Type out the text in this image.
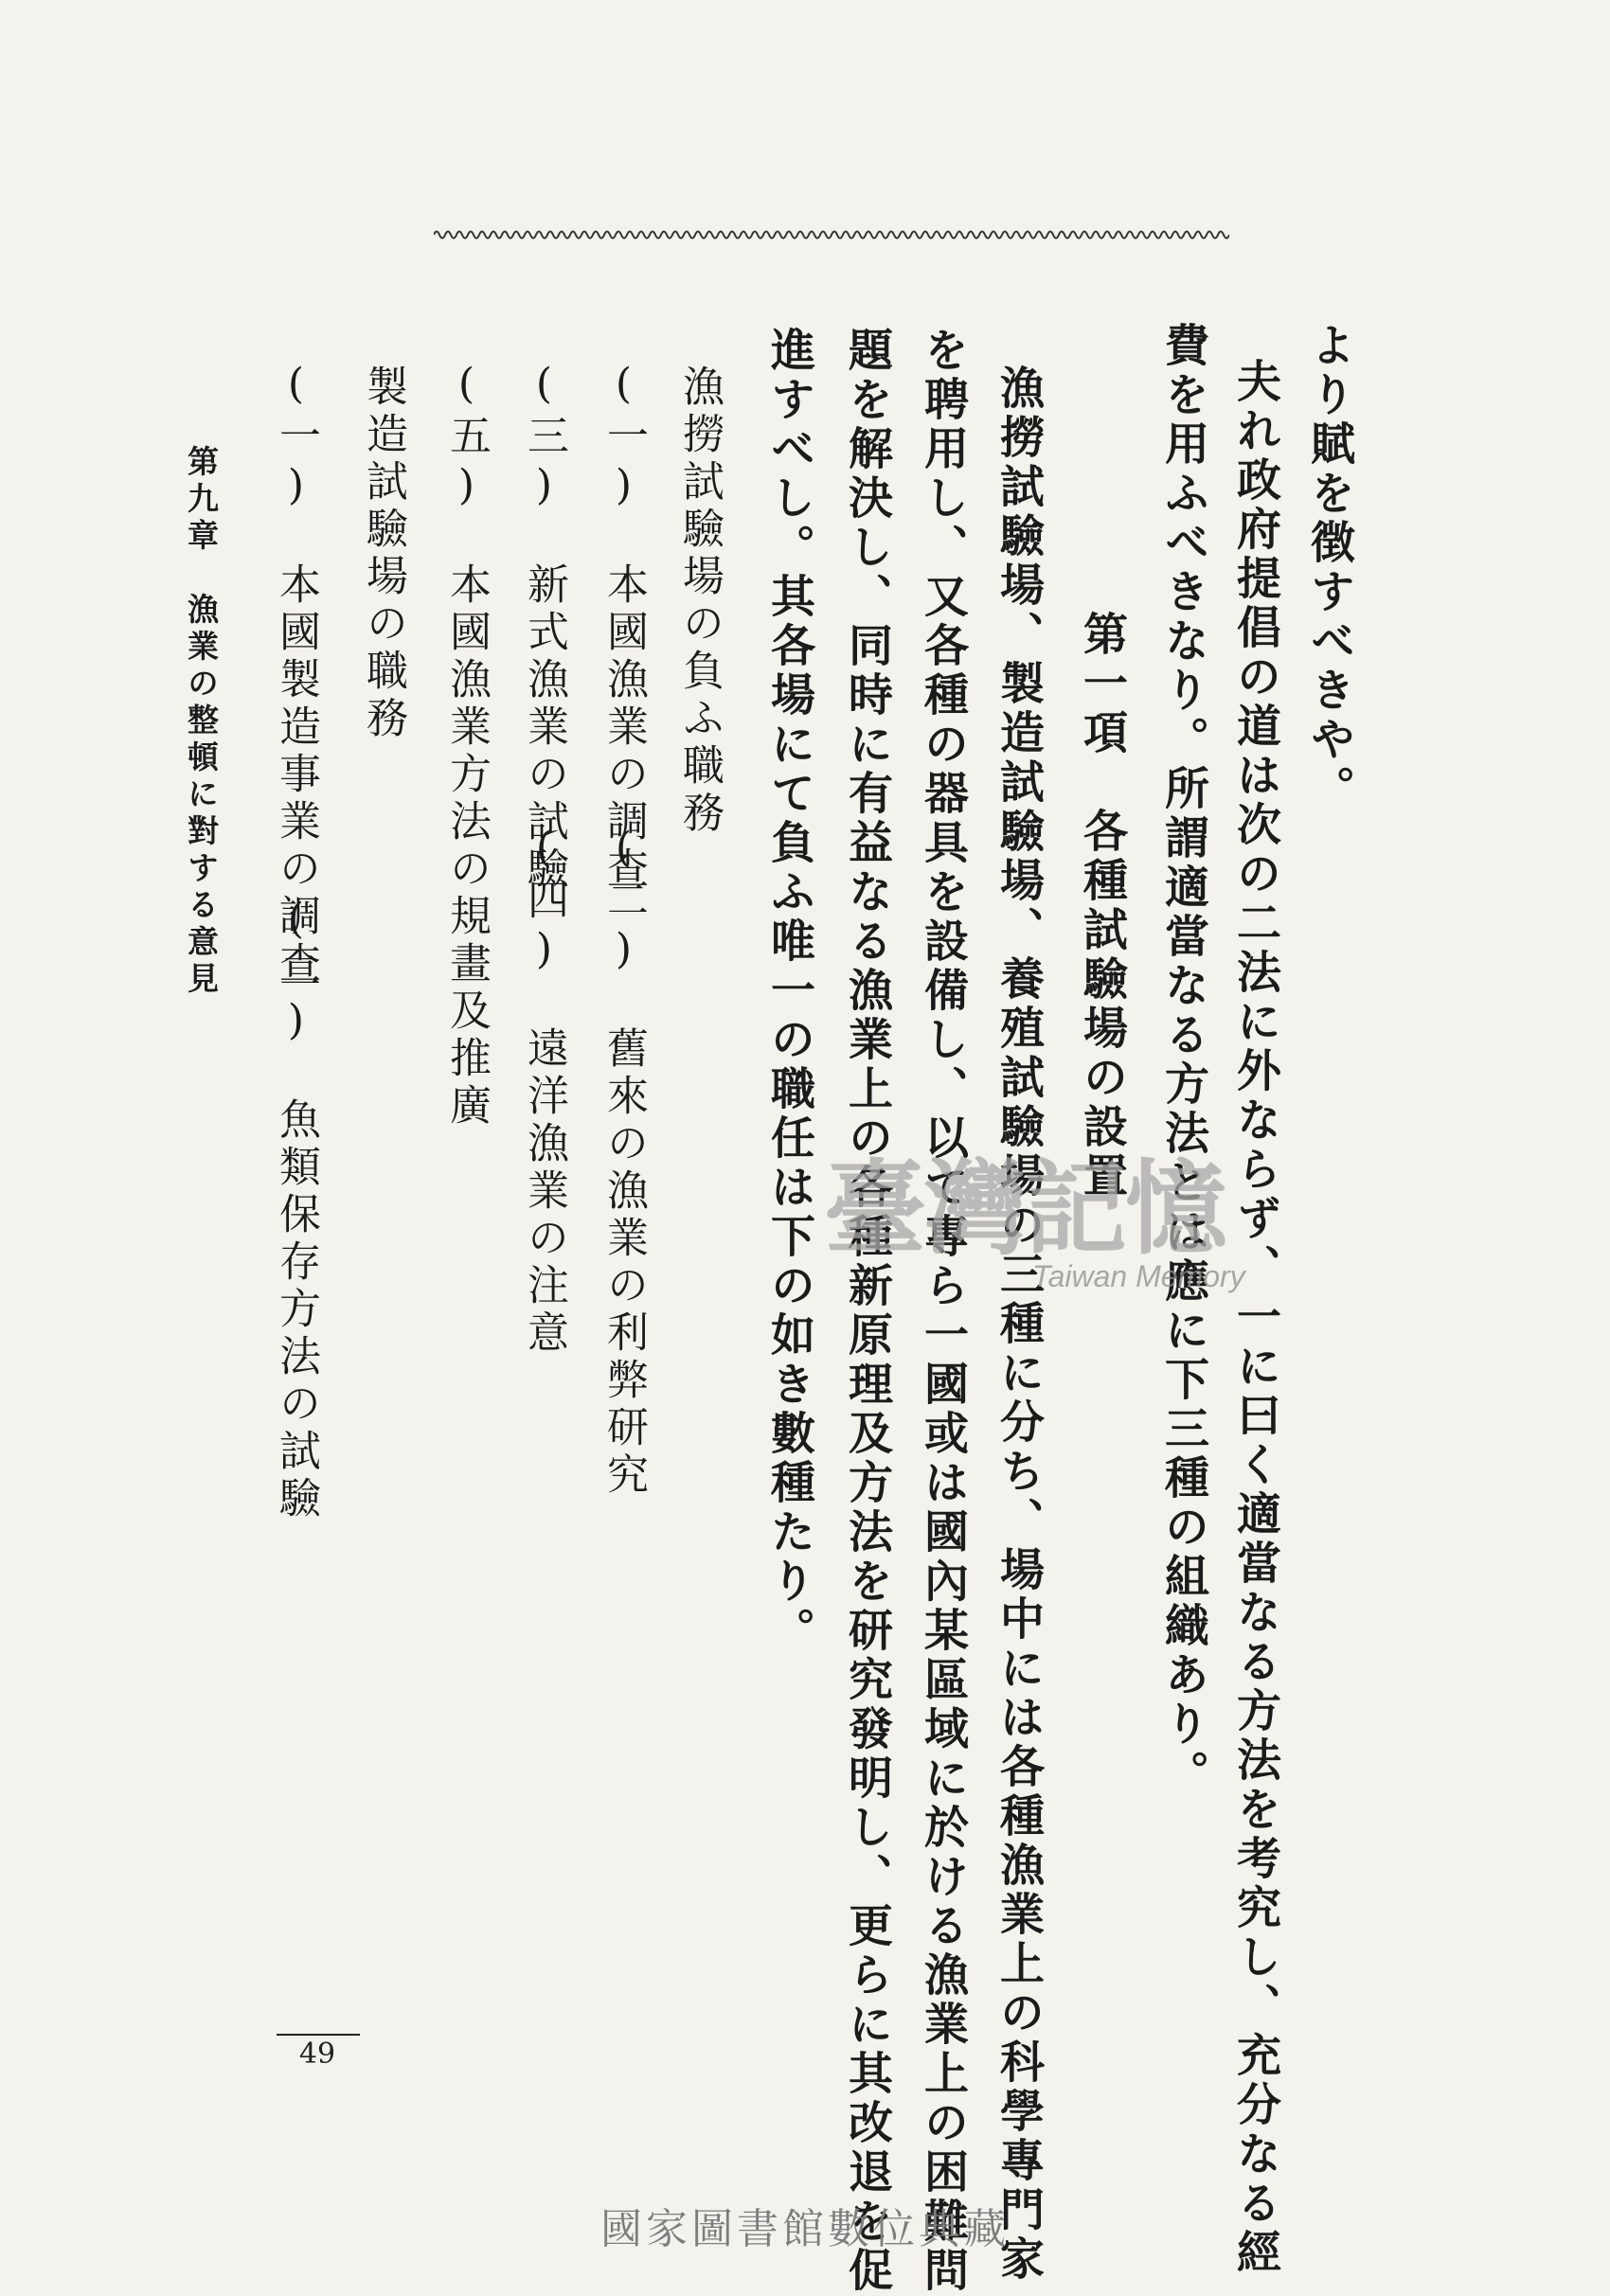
より賦を徴すべきや。
夫れ政府提倡の道は次の二法に外ならず、一に曰く適當なる方法を考究し、充分なる經
費を用ふべきなり。所謂適當なる方法とは應に下三種の組織あり。
第一項　各種試驗場の設置
漁撈試驗場、製造試驗場、養殖試驗場の三種に分ち、場中には各種漁業上の科學專門家
を聘用し、又各種の器具を設備し、以て專ら一國或は國內某區域に於ける漁業上の困難問
題を解決し、同時に有益なる漁業上の各種新原理及方法を研究發明し、更らに其改退を促
進すべし。其各場にて負ふ唯一の職任は下の如き數種たり。
漁撈試驗場の負ふ職務
(一)　本國漁業の調查
(二)　舊來の漁業の利弊研究
(三)　新式漁業の試驗
(四)　遠洋漁業の注意
(五)　本國漁業方法の規畫及推廣
製造試驗場の職務
(一)　本國製造事業の調查
(二)　魚類保存方法の試驗
第九章　漁業の整頓に對する意見
49
臺灣記憶
Taiwan Memory
國家圖書館數位典藏
